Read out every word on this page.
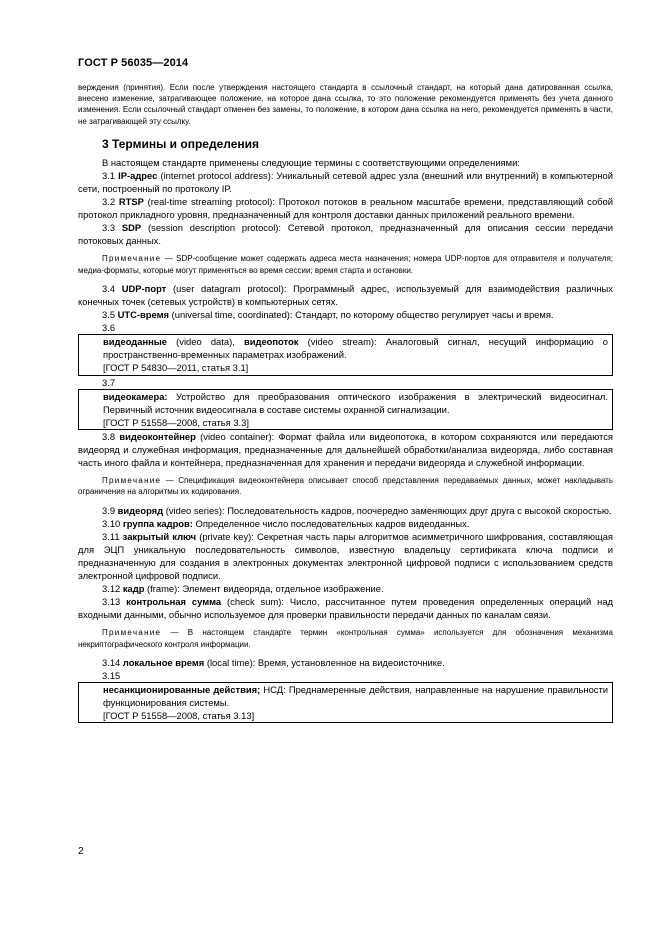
ГОСТ Р 56035—2014

верждения (принятия). Если после утверждения настоящего стандарта в ссылочный стандарт, на который дана датированная ссылка, внесено изменение, затрагивающее положение, на которое дана ссылка, то это положение рекомендуется применять без учета данного изменения. Если ссылочный стандарт отменен без замены, то положение, в котором дана ссылка на него, рекомендуется применять в части, не затрагивающей эту ссылку.

3 Термины и определения

В настоящем стандарте применены следующие термины с соответствующими определениями:

3.1 IP-адрес (internet protocol address): Уникальный сетевой адрес узла (внешний или внутренний) в компьютерной сети, построенный по протоколу IP.

3.2 RTSP (real-time streaming protocol): Протокол потоков в реальном масштабе времени, представляющий собой протокол прикладного уровня, предназначенный для контроля доставки данных приложений реального времени.

3.3 SDP (session description protocol): Сетевой протокол, предназначенный для описания сессии передачи потоковых данных.

Примечание — SDP-сообщение может содержать адреса места назначения; номера UDP-портов для отправителя и получателя; медиа-форматы, которые могут применяться во время сессии; время старта и остановки.

3.4 UDP-порт (user datagram protocol): Программный адрес, используемый для взаимодействия различных конечных точек (сетевых устройств) в компьютерных сетях.

3.5 UTC-время (universal time, coordinated): Стандарт, по которому общество регулирует часы и время.

3.6

видеоданные (video data), видеопоток (video stream): Аналоговый сигнал, несущий информацию о пространственно-временных параметрах изображений.
[ГОСТ Р 54830—2011, статья 3.1]

3.7

видеокамера: Устройство для преобразования оптического изображения в электрический видеосигнал. Первичный источник видеосигнала в составе системы охранной сигнализации.
[ГОСТ Р 51558—2008, статья 3.3]

3.8 видеоконтейнер (video container): Формат файла или видеопотока, в котором сохраняются или передаются видеоряд и служебная информация, предназначенные для дальнейшей обработки/анализа видеоряда, либо составная часть иного файла и контейнера, предназначенная для хранения и передачи видеоряда и служебной информации.

Примечание — Спецификация видеоконтейнера описывает способ представления передаваемых данных, может накладывать ограничения на алгоритмы их кодирования.

3.9 видеоряд (video series): Последовательность кадров, поочередно заменяющих друг друга с высокой скоростью.

3.10 группа кадров: Определенное число последовательных кадров видеоданных.

3.11 закрытый ключ (private key): Секретная часть пары алгоритмов асимметричного шифрования, составляющая для ЭЦП уникальную последовательность символов, известную владельцу сертификата ключа подписи и предназначенную для создания в электронных документах электронной цифровой подписи с использованием средств электронной цифровой подписи.

3.12 кадр (frame): Элемент видеоряда, отдельное изображение.

3.13 контрольная сумма (check sum): Число, рассчитанное путем проведения определенных операций над входными данными, обычно используемое для проверки правильности передачи данных по каналам связи.

Примечание — В настоящем стандарте термин «контрольная сумма» используется для обозначения механизма некриптографического контроля информации.

3.14 локальное время (local time): Время, установленное на видеоисточнике.

3.15

несанкционированные действия; НСД: Преднамеренные действия, направленные на нарушение правильности функционирования системы.
[ГОСТ Р 51558—2008, статья 3.13]
2
